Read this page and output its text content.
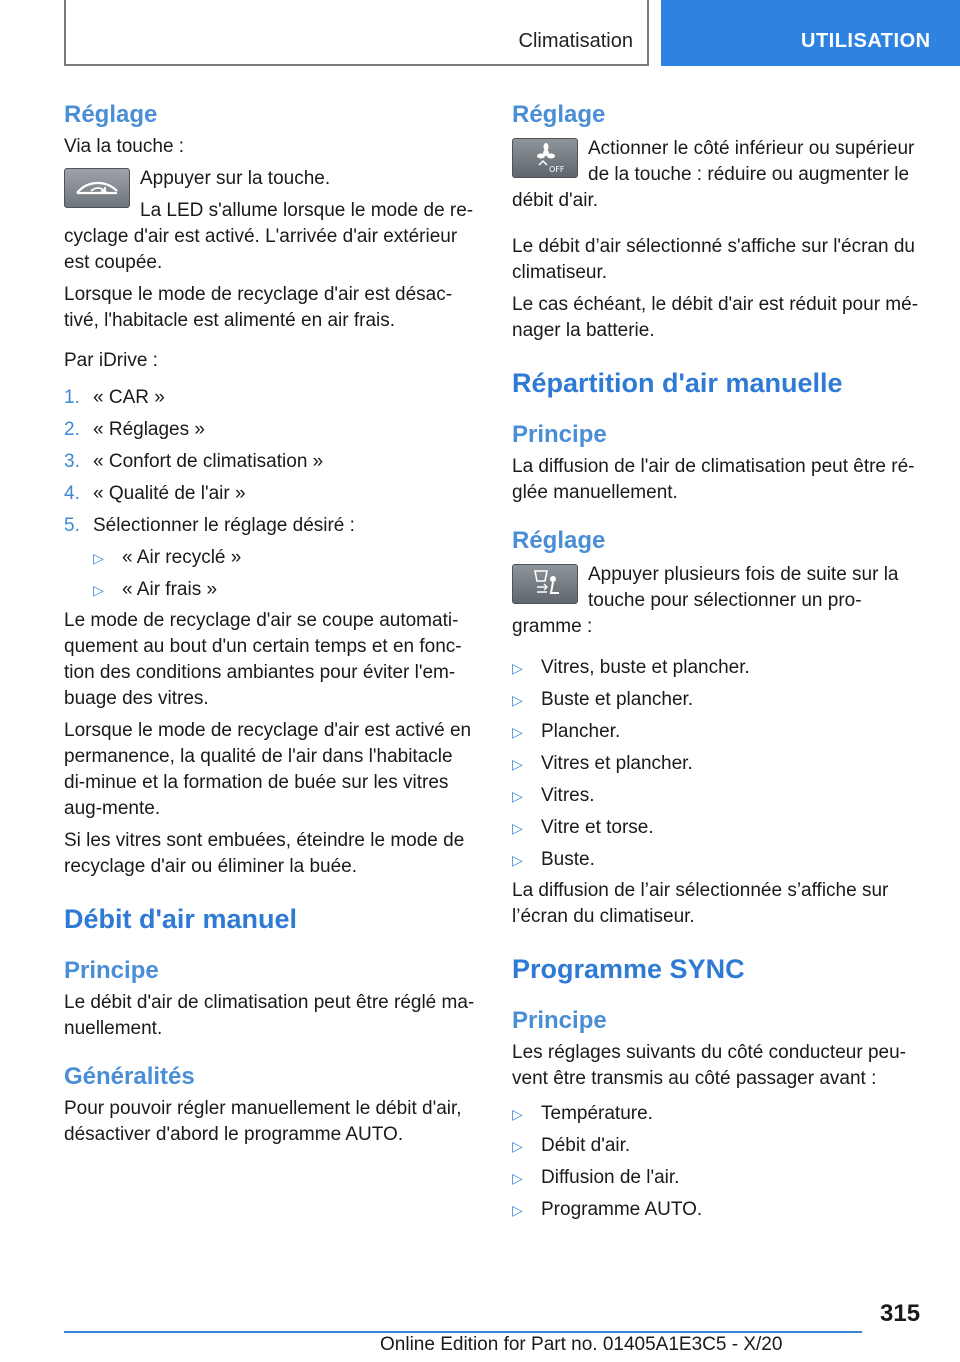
Climatisation	UTILISATION
Réglage
Via la touche :
Appuyer sur la touche.
La LED s'allume lorsque le mode de re-cyclage d'air est activé. L'arrivée d'air extérieur est coupée.
Lorsque le mode de recyclage d'air est désac-tivé, l'habitacle est alimenté en air frais.
Par iDrive :
1. « CAR »
2. « Réglages »
3. « Confort de climatisation »
4. « Qualité de l'air »
5. Sélectionner le réglage désiré :
▷ « Air recyclé »
▷ « Air frais »
Le mode de recyclage d'air se coupe automati-quement au bout d'un certain temps et en fonc-tion des conditions ambiantes pour éviter l'em-buage des vitres.
Lorsque le mode de recyclage d'air est activé en permanence, la qualité de l'air dans l'habitacle di-minue et la formation de buée sur les vitres aug-mente.
Si les vitres sont embuées, éteindre le mode de recyclage d'air ou éliminer la buée.
Débit d'air manuel
Principe
Le débit d'air de climatisation peut être réglé ma-nuellement.
Généralités
Pour pouvoir régler manuellement le débit d'air, désactiver d'abord le programme AUTO.
Réglage
OFF
Actionner le côté inférieur ou supérieur de la touche : réduire ou augmenter le débit d'air.
Le débit d’air sélectionné s'affiche sur l'écran du climatiseur.
Le cas échéant, le débit d'air est réduit pour mé-nager la batterie.
Répartition d'air manuelle
Principe
La diffusion de l'air de climatisation peut être ré-glée manuellement.
Réglage
Appuyer plusieurs fois de suite sur la touche pour sélectionner un pro-gramme :
▷ Vitres, buste et plancher.
▷ Buste et plancher.
▷ Plancher.
▷ Vitres et plancher.
▷ Vitres.
▷ Vitre et torse.
▷ Buste.
La diffusion de l’air sélectionnée s’affiche sur l’écran du climatiseur.
Programme SYNC
Principe
Les réglages suivants du côté conducteur peu-vent être transmis au côté passager avant :
▷ Température.
▷ Débit d'air.
▷ Diffusion de l'air.
▷ Programme AUTO.
315
Online Edition for Part no. 01405A1E3C5 - X/20
